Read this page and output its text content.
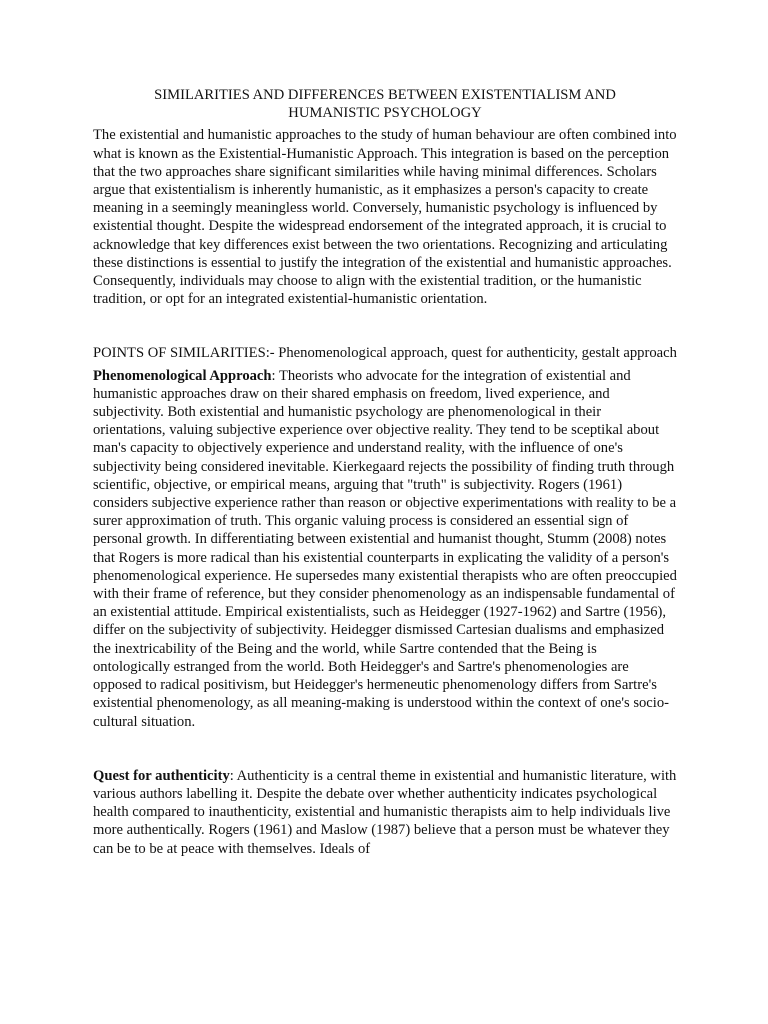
SIMILARITIES AND DIFFERENCES BETWEEN EXISTENTIALISM AND
HUMANISTIC PSYCHOLOGY

The existential and humanistic approaches to the study of human behaviour are often combined into what is known as the Existential-Humanistic Approach. This integration is based on the perception that the two approaches share significant similarities while having minimal differences. Scholars argue that existentialism is inherently humanistic, as it emphasizes a person's capacity to create meaning in a seemingly meaningless world. Conversely, humanistic psychology is influenced by existential thought. Despite the widespread endorsement of the integrated approach, it is crucial to acknowledge that key differences exist between the two orientations. Recognizing and articulating these distinctions is essential to justify the integration of the existential and humanistic approaches. Consequently, individuals may choose to align with the existential tradition, or the humanistic tradition, or opt for an integrated existential-humanistic orientation.

POINTS OF SIMILARITIES:- Phenomenological approach, quest for authenticity, gestalt approach

Phenomenological Approach: Theorists who advocate for the integration of existential and humanistic approaches draw on their shared emphasis on freedom, lived experience, and subjectivity. Both existential and humanistic psychology are phenomenological in their orientations, valuing subjective experience over objective reality. They tend to be sceptikal about man's capacity to objectively experience and understand reality, with the influence of one's subjectivity being considered inevitable. Kierkegaard rejects the possibility of finding truth through scientific, objective, or empirical means, arguing that "truth" is subjectivity. Rogers (1961) considers subjective experience rather than reason or objective experimentations with reality to be a surer approximation of truth. This organic valuing process is considered an essential sign of personal growth. In differentiating between existential and humanist thought, Stumm (2008) notes that Rogers is more radical than his existential counterparts in explicating the validity of a person's phenomenological experience. He supersedes many existential therapists who are often preoccupied with their frame of reference, but they consider phenomenology as an indispensable fundamental of an existential attitude. Empirical existentialists, such as Heidegger (1927-1962) and Sartre (1956), differ on the subjectivity of subjectivity. Heidegger dismissed Cartesian dualisms and emphasized the inextricability of the Being and the world, while Sartre contended that the Being is ontologically estranged from the world. Both Heidegger's and Sartre's phenomenologies are opposed to radical positivism, but Heidegger's hermeneutic phenomenology differs from Sartre's existential phenomenology, as all meaning-making is understood within the context of one's socio-cultural situation.

Quest for authenticity: Authenticity is a central theme in existential and humanistic literature, with various authors labelling it. Despite the debate over whether authenticity indicates psychological health compared to inauthenticity, existential and humanistic therapists aim to help individuals live more authentically. Rogers (1961) and Maslow (1987) believe that a person must be whatever they can be to be at peace with themselves. Ideals of
